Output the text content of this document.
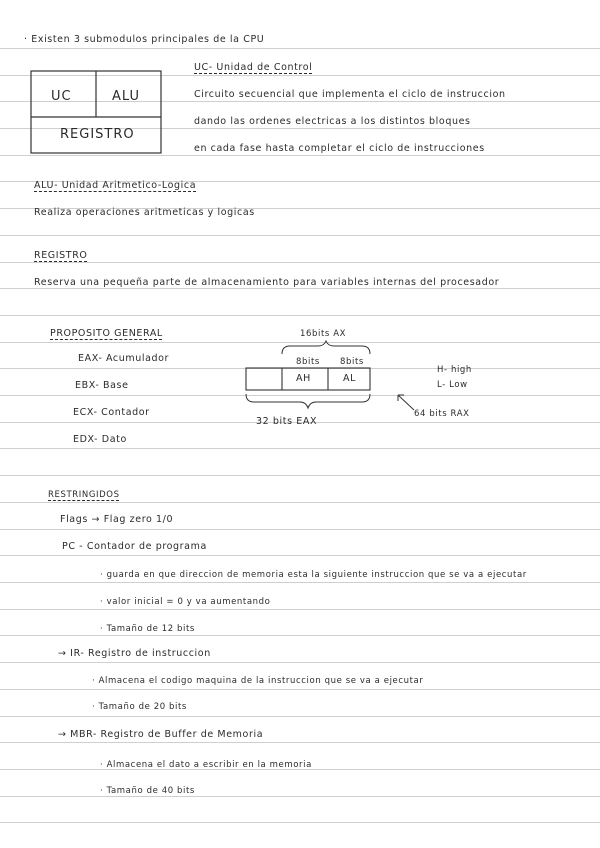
· Existen 3 submodulos principales de la CPU
UC	ALU
REGISTRO
UC- Unidad de Control
Circuito secuencial que implementa el ciclo de instruccion
dando las ordenes electricas a los distintos bloques
en cada fase hasta completar el ciclo de instrucciones
ALU- Unidad Aritmetico-Logica
Realiza operaciones aritmeticas y logicas
REGISTRO
Reserva una pequeña parte de almacenamiento para variables internas del procesador
PROPOSITO GENERAL
EAX- Acumulador
EBX- Base
ECX- Contador
EDX- Dato
16bits AX
8bits 8bits
AH	AL
32 bits EAX
64 bits RAX
H- high
L- Low
RESTRINGIDOS
Flags → Flag zero 1/0
PC - Contador de programa
· guarda en que direccion de memoria esta la siguiente instruccion que se va a ejecutar
· valor inicial = 0 y va aumentando
· Tamaño de 12 bits
→ IR- Registro de instruccion
· Almacena el codigo maquina de la instruccion que se va a ejecutar
· Tamaño de 20 bits
→ MBR- Registro de Buffer de Memoria
· Almacena el dato a escribir en la memoria
· Tamaño de 40 bits
